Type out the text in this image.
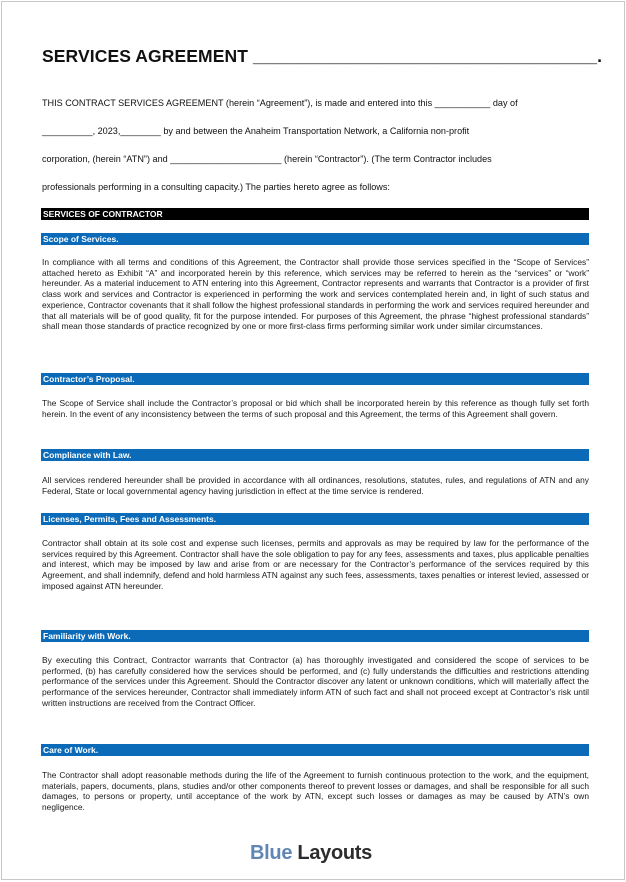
SERVICES AGREEMENT ___________________________________.
THIS CONTRACT SERVICES AGREEMENT (herein “Agreement”), is made and entered into this ___________ day of
__________, 2023,________ by and between the Anaheim Transportation Network, a California non-profit
corporation, (herein “ATN”) and ______________________ (herein “Contractor”). (The term Contractor includes
professionals performing in a consulting capacity.) The parties hereto agree as follows:
SERVICES OF CONTRACTOR
Scope of Services.
In compliance with all terms and conditions of this Agreement, the Contractor shall provide those services specified in the “Scope of Services” attached hereto as Exhibit “A” and incorporated herein by this reference, which services may be referred to herein as the “services” or “work” hereunder. As a material inducement to ATN entering into this Agreement, Contractor represents and warrants that Contractor is a provider of first class work and services and Contractor is experienced in performing the work and services contemplated herein and, in light of such status and experience, Contractor covenants that it shall follow the highest professional standards in performing the work and services required hereunder and that all materials will be of good quality, fit for the purpose intended. For purposes of this Agreement, the phrase “highest professional standards” shall mean those standards of practice recognized by one or more first-class firms performing similar work under similar circumstances.
Contractor’s Proposal.
The Scope of Service shall include the Contractor’s proposal or bid which shall be incorporated herein by this reference as though fully set forth herein. In the event of any inconsistency between the terms of such proposal and this Agreement, the terms of this Agreement shall govern.
Compliance with Law.
All services rendered hereunder shall be provided in accordance with all ordinances, resolutions, statutes, rules, and regulations of ATN and any Federal, State or local governmental agency having jurisdiction in effect at the time service is rendered.
Licenses, Permits, Fees and Assessments.
Contractor shall obtain at its sole cost and expense such licenses, permits and approvals as may be required by law for the performance of the services required by this Agreement. Contractor shall have the sole obligation to pay for any fees, assessments and taxes, plus applicable penalties and interest, which may be imposed by law and arise from or are necessary for the Contractor’s performance of the services required by this Agreement, and shall indemnify, defend and hold harmless ATN against any such fees, assessments, taxes penalties or interest levied, assessed or imposed against ATN hereunder.
Familiarity with Work.
By executing this Contract, Contractor warrants that Contractor (a) has thoroughly investigated and considered the scope of services to be performed, (b) has carefully considered how the services should be performed, and (c) fully understands the difficulties and restrictions attending performance of the services under this Agreement. Should the Contractor discover any latent or unknown conditions, which will materially affect the performance of the services hereunder, Contractor shall immediately inform ATN of such fact and shall not proceed except at Contractor’s risk until written instructions are received from the Contract Officer.
Care of Work.
The Contractor shall adopt reasonable methods during the life of the Agreement to furnish continuous protection to the work, and the equipment, materials, papers, documents, plans, studies and/or other components thereof to prevent losses or damages, and shall be responsible for all such damages, to persons or property, until acceptance of the work by ATN, except such losses or damages as may be caused by ATN’s own negligence.
Blue Layouts
